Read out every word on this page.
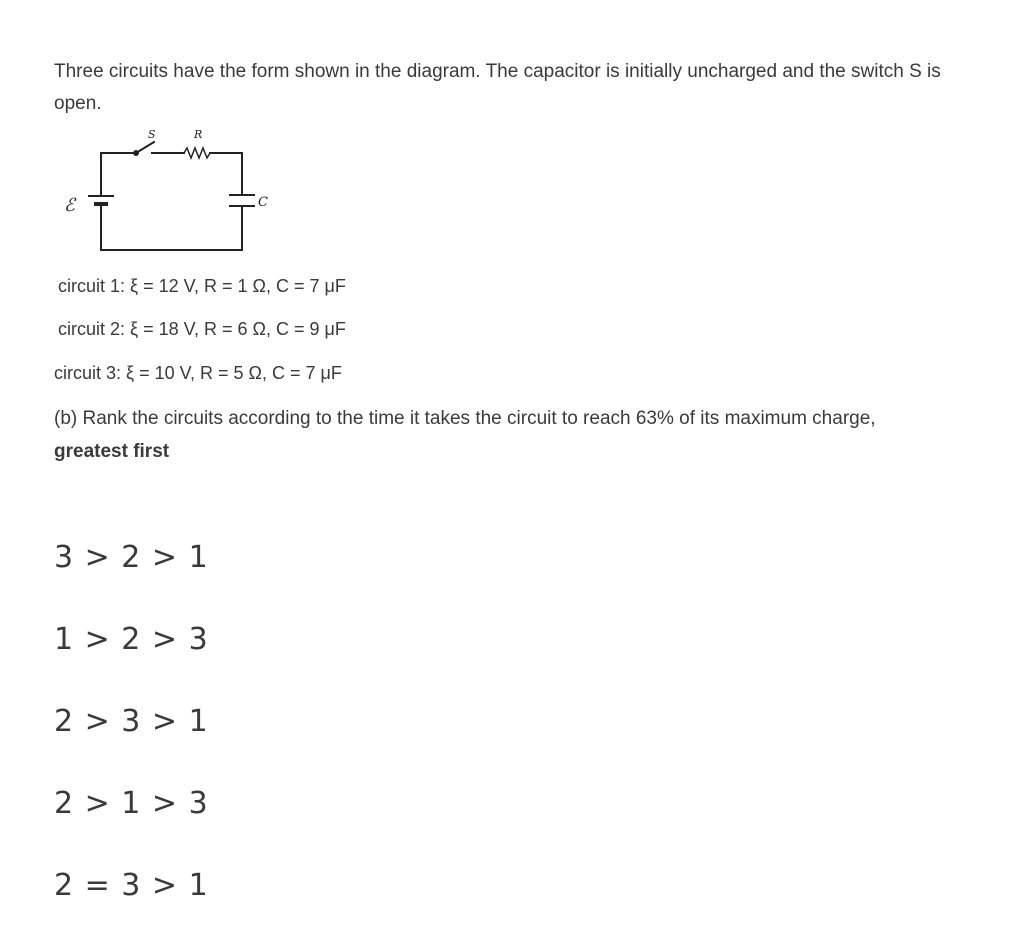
Three circuits have the form shown in the diagram. The capacitor is initially uncharged and the switch S is open.

S	R
ℰ	C

circuit 1: ξ = 12 V, R = 1 Ω, C = 7 μF

circuit 2: ξ = 18 V, R = 6 Ω, C = 9 μF

circuit 3: ξ = 10 V, R = 5 Ω, C = 7 μF

(b) Rank the circuits according to the time it takes the circuit to reach 63% of its maximum charge,
greatest first

3 > 2 > 1
1 > 2 > 3
2 > 3 > 1
2 > 1 > 3
2 = 3 > 1
